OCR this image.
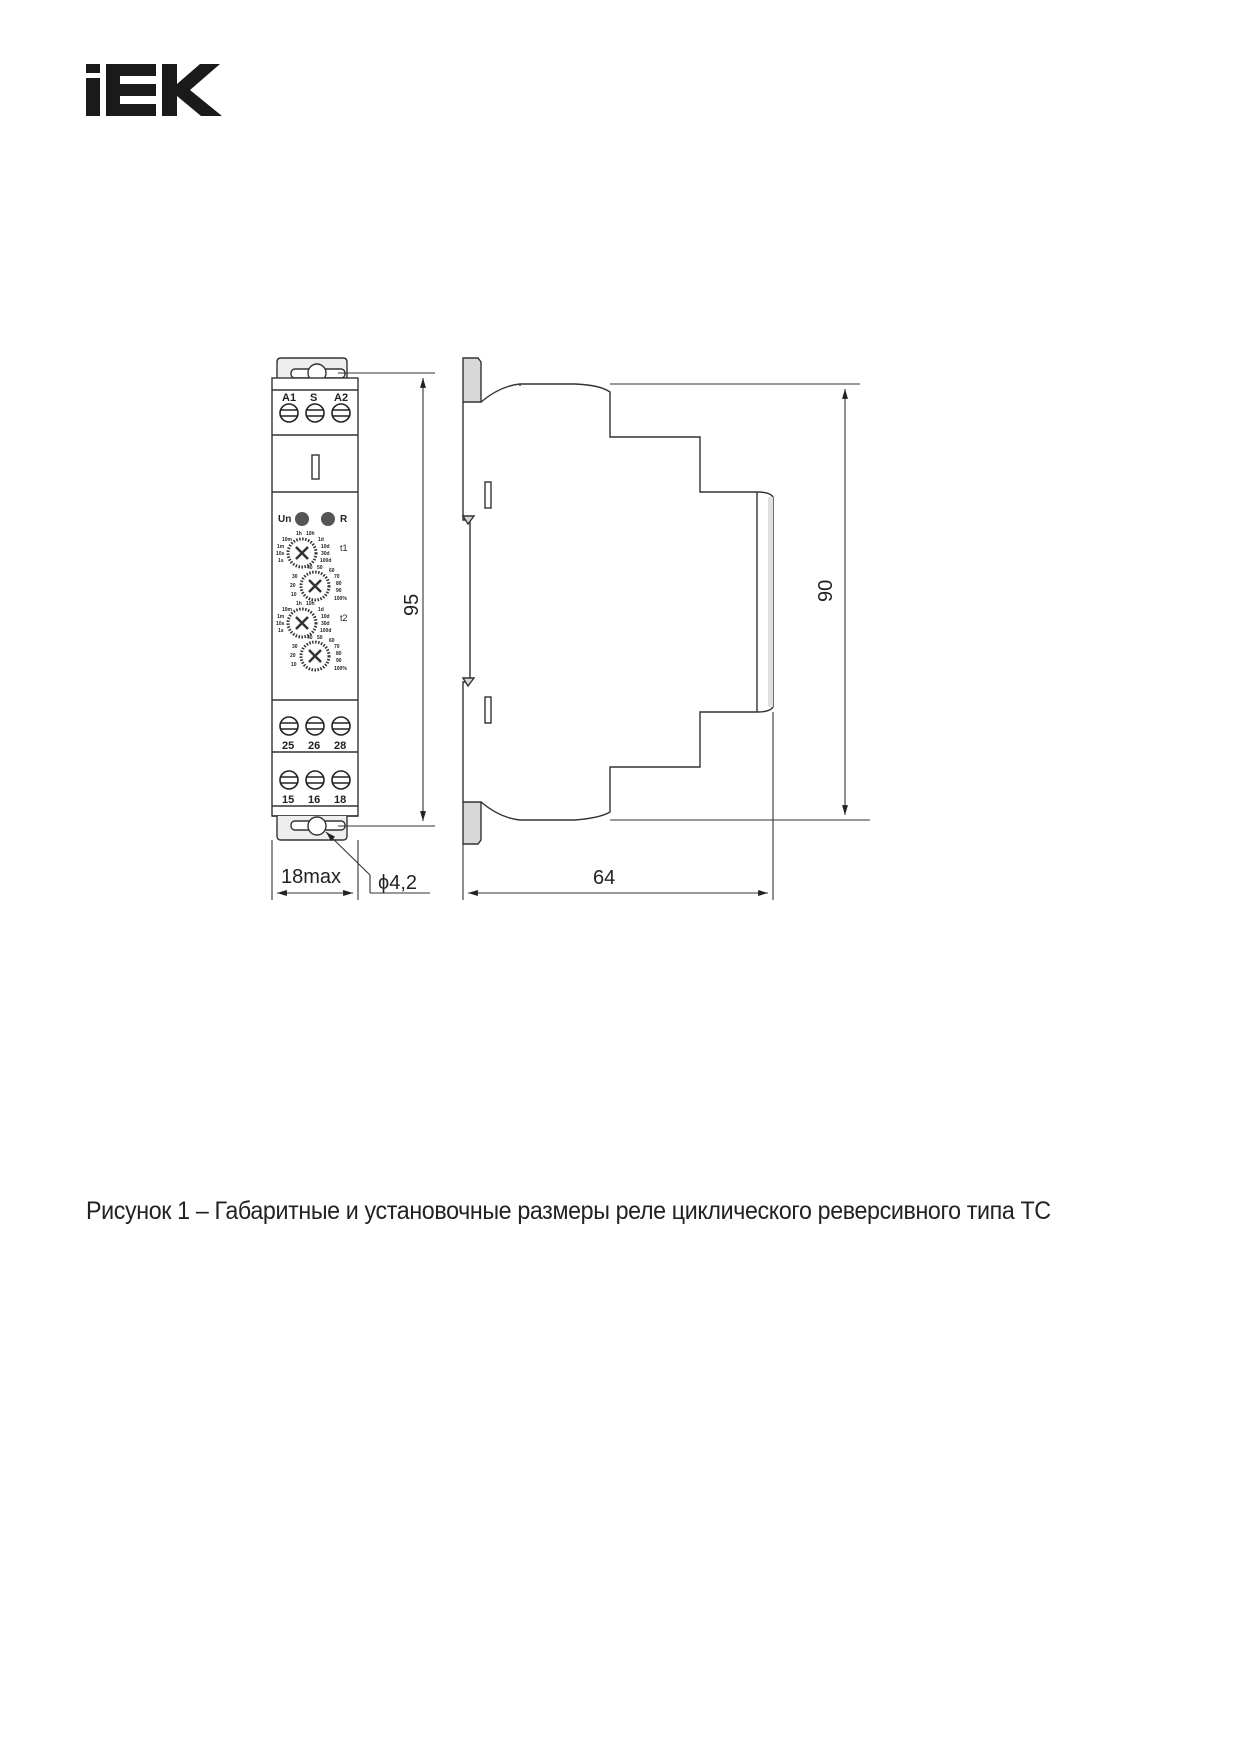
A1 S A2
25 26 28
15 16 18
Un	R
1h 10h
10m
1m
10s
1s
1d
10d
30d
100d
t1
40 50
30
20
10
60
70
80
90
100%
1h 10h
10m
1m
10s
1s
1d
10d
30d
100d
t2
40 50
30
20
10
60
70
80
90
100%
95
90
18max ϕ4,2	64
Рисунок 1 – Габаритные и установочные размеры реле циклического реверсивного типа ТС
